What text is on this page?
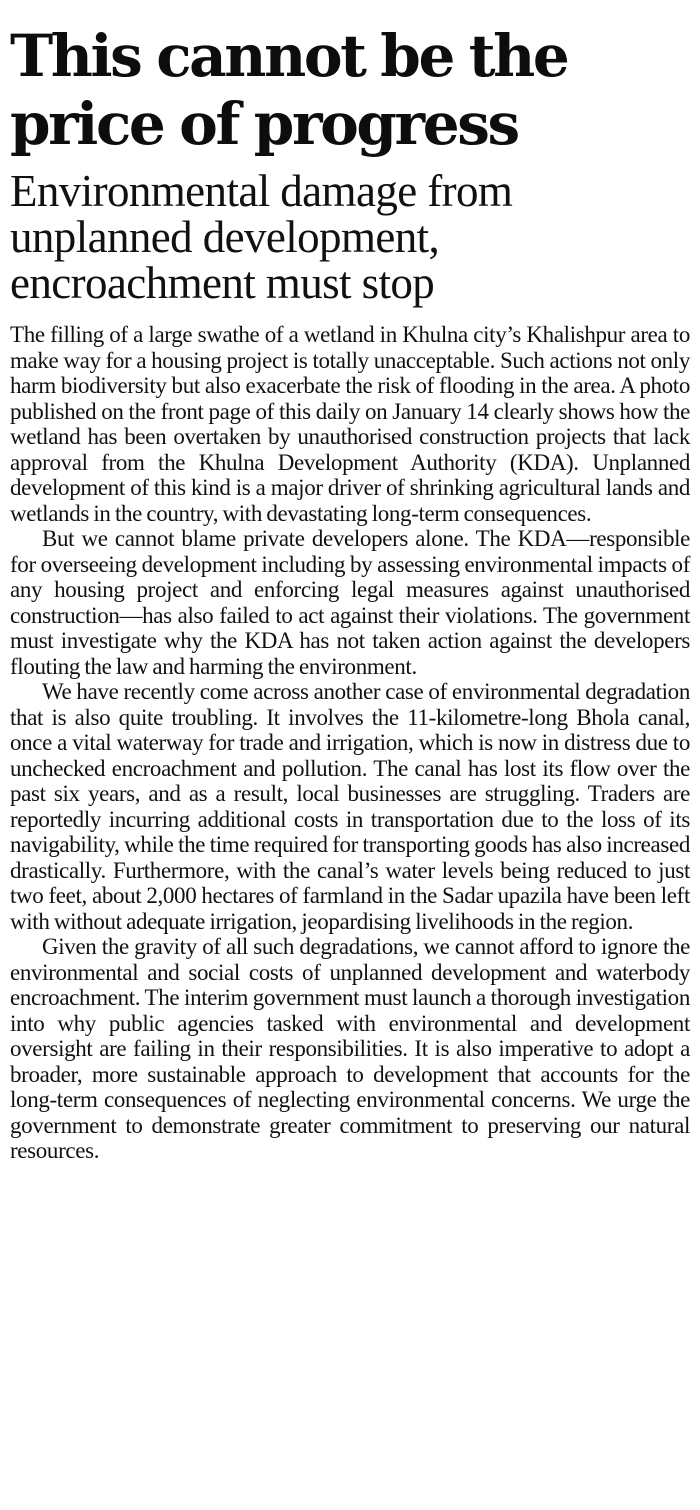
This cannot be the price of progress
Environmental damage from unplanned development, encroachment must stop

The filling of a large swathe of a wetland in Khulna city’s Khalishpur area to make way for a housing project is totally unacceptable. Such actions not only harm biodiversity but also exacerbate the risk of flooding in the area. A photo published on the front page of this daily on January 14 clearly shows how the wetland has been overtaken by unauthorised construction projects that lack approval from the Khulna Development Authority (KDA). Unplanned development of this kind is a major driver of shrinking agricultural lands and wetlands in the country, with devastating long-term consequences.

But we cannot blame private developers alone. The KDA—responsible for overseeing development including by assessing environmental impacts of any housing project and enforcing legal measures against unauthorised construction—has also failed to act against their violations. The government must investigate why the KDA has not taken action against the developers flouting the law and harming the environment.

We have recently come across another case of environmental degradation that is also quite troubling. It involves the 11-kilometre-long Bhola canal, once a vital waterway for trade and irrigation, which is now in distress due to unchecked encroachment and pollution. The canal has lost its flow over the past six years, and as a result, local businesses are struggling. Traders are reportedly incurring additional costs in transportation due to the loss of its navigability, while the time required for transporting goods has also increased drastically. Furthermore, with the canal’s water levels being reduced to just two feet, about 2,000 hectares of farmland in the Sadar upazila have been left with without adequate irrigation, jeopardising livelihoods in the region.

Given the gravity of all such degradations, we cannot afford to ignore the environmental and social costs of unplanned development and waterbody encroachment. The interim government must launch a thorough investigation into why public agencies tasked with environmental and development oversight are failing in their responsibilities. It is also imperative to adopt a broader, more sustainable approach to development that accounts for the long-term consequences of neglecting environmental concerns. We urge the government to demonstrate greater commitment to preserving our natural resources.
